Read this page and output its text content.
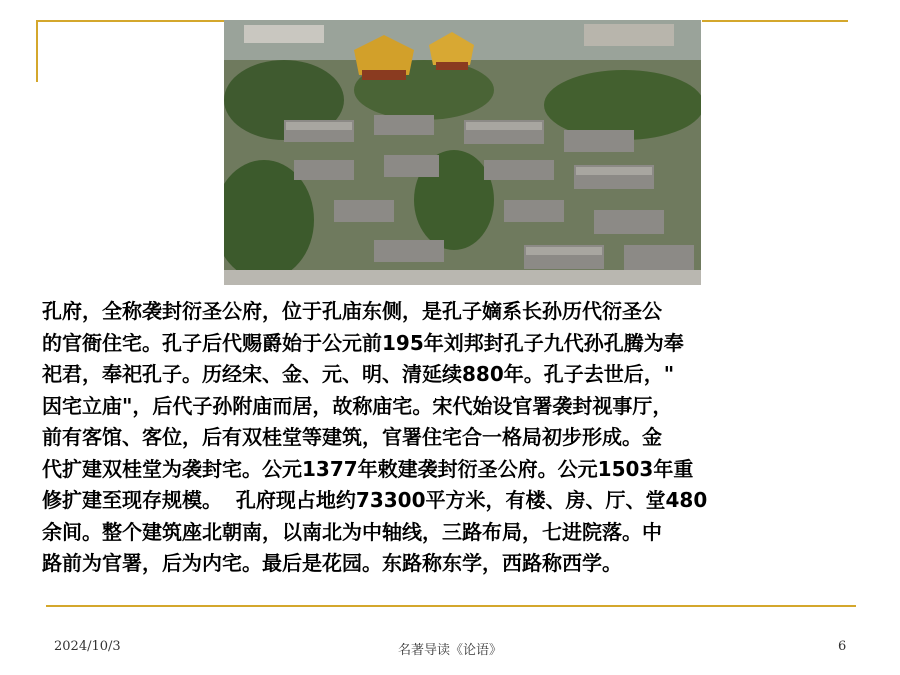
孔府，全称袭封衍圣公府，位于孔庙东侧，是孔子嫡系长孙历代衍圣公
的官衙住宅。孔子后代赐爵始于公元前195年刘邦封孔子九代孙孔腾为奉
祀君，奉祀孔子。历经宋、金、元、明、清延续880年。孔子去世后，"
因宅立庙"，后代子孙附庙而居，故称庙宅。宋代始设官署袭封视事厅，
前有客馆、客位，后有双桂堂等建筑，官署住宅合一格局初步形成。金
代扩建双桂堂为袭封宅。公元1377年敕建袭封衍圣公府。公元1503年重
修扩建至现存规模。  孔府现占地约73300平方米，有楼、房、厅、堂480
余间。整个建筑座北朝南，以南北为中轴线，三路布局，七进院落。中
路前为官署，后为内宅。最后是花园。东路称东学，西路称西学。
2024/10/3	名著导读《论语》	6
